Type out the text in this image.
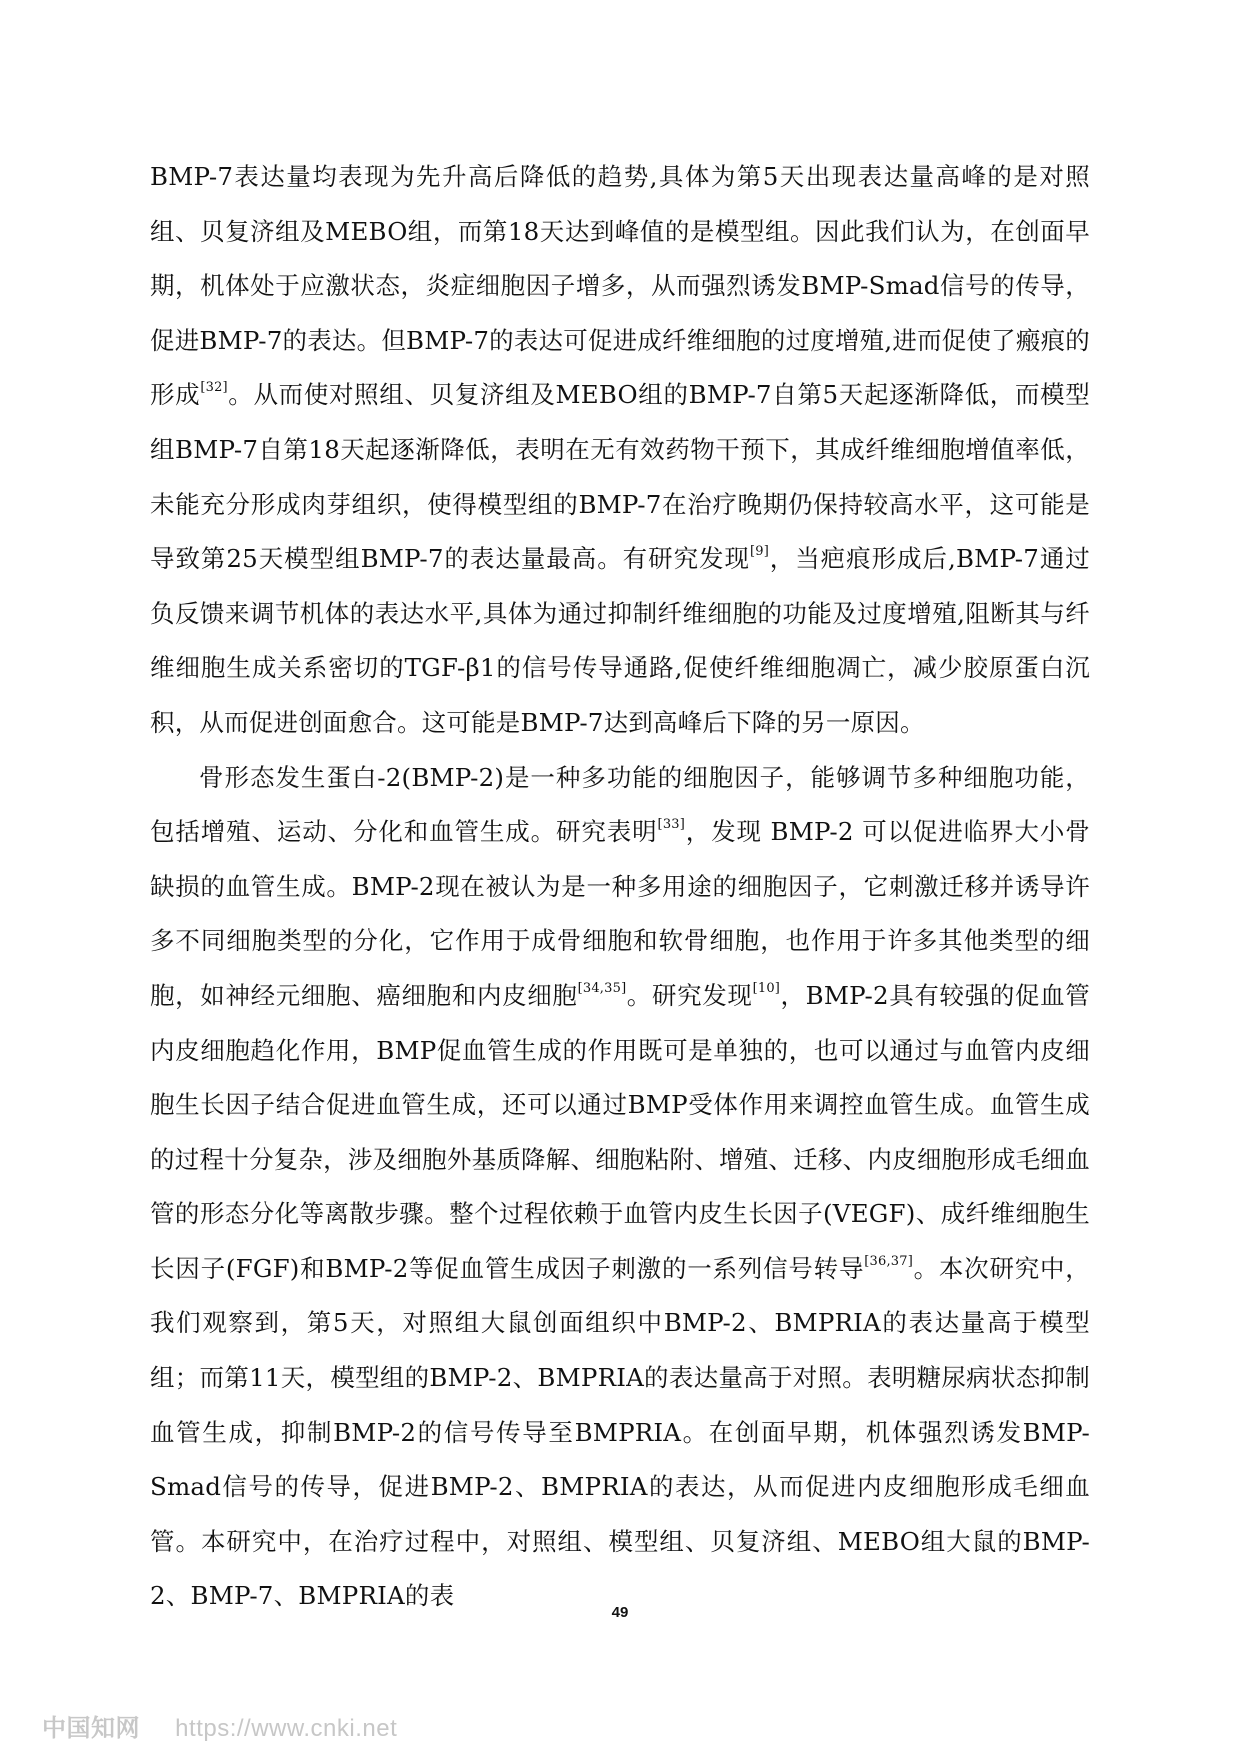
BMP-7表达量均表现为先升高后降低的趋势,具体为第5天出现表达量高峰的是对照组、贝复济组及MEBO组，而第18天达到峰值的是模型组。因此我们认为，在创面早期，机体处于应激状态，炎症细胞因子增多，从而强烈诱发BMP-Smad信号的传导，促进BMP-7的表达。但BMP-7的表达可促进成纤维细胞的过度增殖,进而促使了瘢痕的形成[32]。从而使对照组、贝复济组及MEBO组的BMP-7自第5天起逐渐降低，而模型组BMP-7自第18天起逐渐降低，表明在无有效药物干预下，其成纤维细胞增值率低，未能充分形成肉芽组织，使得模型组的BMP-7在治疗晚期仍保持较高水平，这可能是导致第25天模型组BMP-7的表达量最高。有研究发现[9]，当疤痕形成后,BMP-7通过负反馈来调节机体的表达水平,具体为通过抑制纤维细胞的功能及过度增殖,阻断其与纤维细胞生成关系密切的TGF-β1的信号传导通路,促使纤维细胞凋亡，减少胶原蛋白沉积，从而促进创面愈合。这可能是BMP-7达到高峰后下降的另一原因。

骨形态发生蛋白-2(BMP-2)是一种多功能的细胞因子，能够调节多种细胞功能，包括增殖、运动、分化和血管生成。研究表明[33]，发现 BMP-2 可以促进临界大小骨缺损的血管生成。BMP-2现在被认为是一种多用途的细胞因子，它刺激迁移并诱导许多不同细胞类型的分化，它作用于成骨细胞和软骨细胞，也作用于许多其他类型的细胞，如神经元细胞、癌细胞和内皮细胞[34,35]。研究发现[10]，BMP-2具有较强的促血管内皮细胞趋化作用，BMP促血管生成的作用既可是单独的，也可以通过与血管内皮细胞生长因子结合促进血管生成，还可以通过BMP受体作用来调控血管生成。血管生成的过程十分复杂，涉及细胞外基质降解、细胞粘附、增殖、迁移、内皮细胞形成毛细血管的形态分化等离散步骤。整个过程依赖于血管内皮生长因子(VEGF)、成纤维细胞生长因子(FGF)和BMP-2等促血管生成因子刺激的一系列信号转导[36,37]。本次研究中，我们观察到，第5天，对照组大鼠创面组织中BMP-2、BMPRIA的表达量高于模型组；而第11天，模型组的BMP-2、BMPRIA的表达量高于对照。表明糖尿病状态抑制血管生成，抑制BMP-2的信号传导至BMPRIA。在创面早期，机体强烈诱发BMP-Smad信号的传导，促进BMP-2、BMPRIA的表达，从而促进内皮细胞形成毛细血管。本研究中，在治疗过程中，对照组、模型组、贝复济组、MEBO组大鼠的BMP-2、BMP-7、BMPRIA的表

49
中国知网 https://www.cnki.net
